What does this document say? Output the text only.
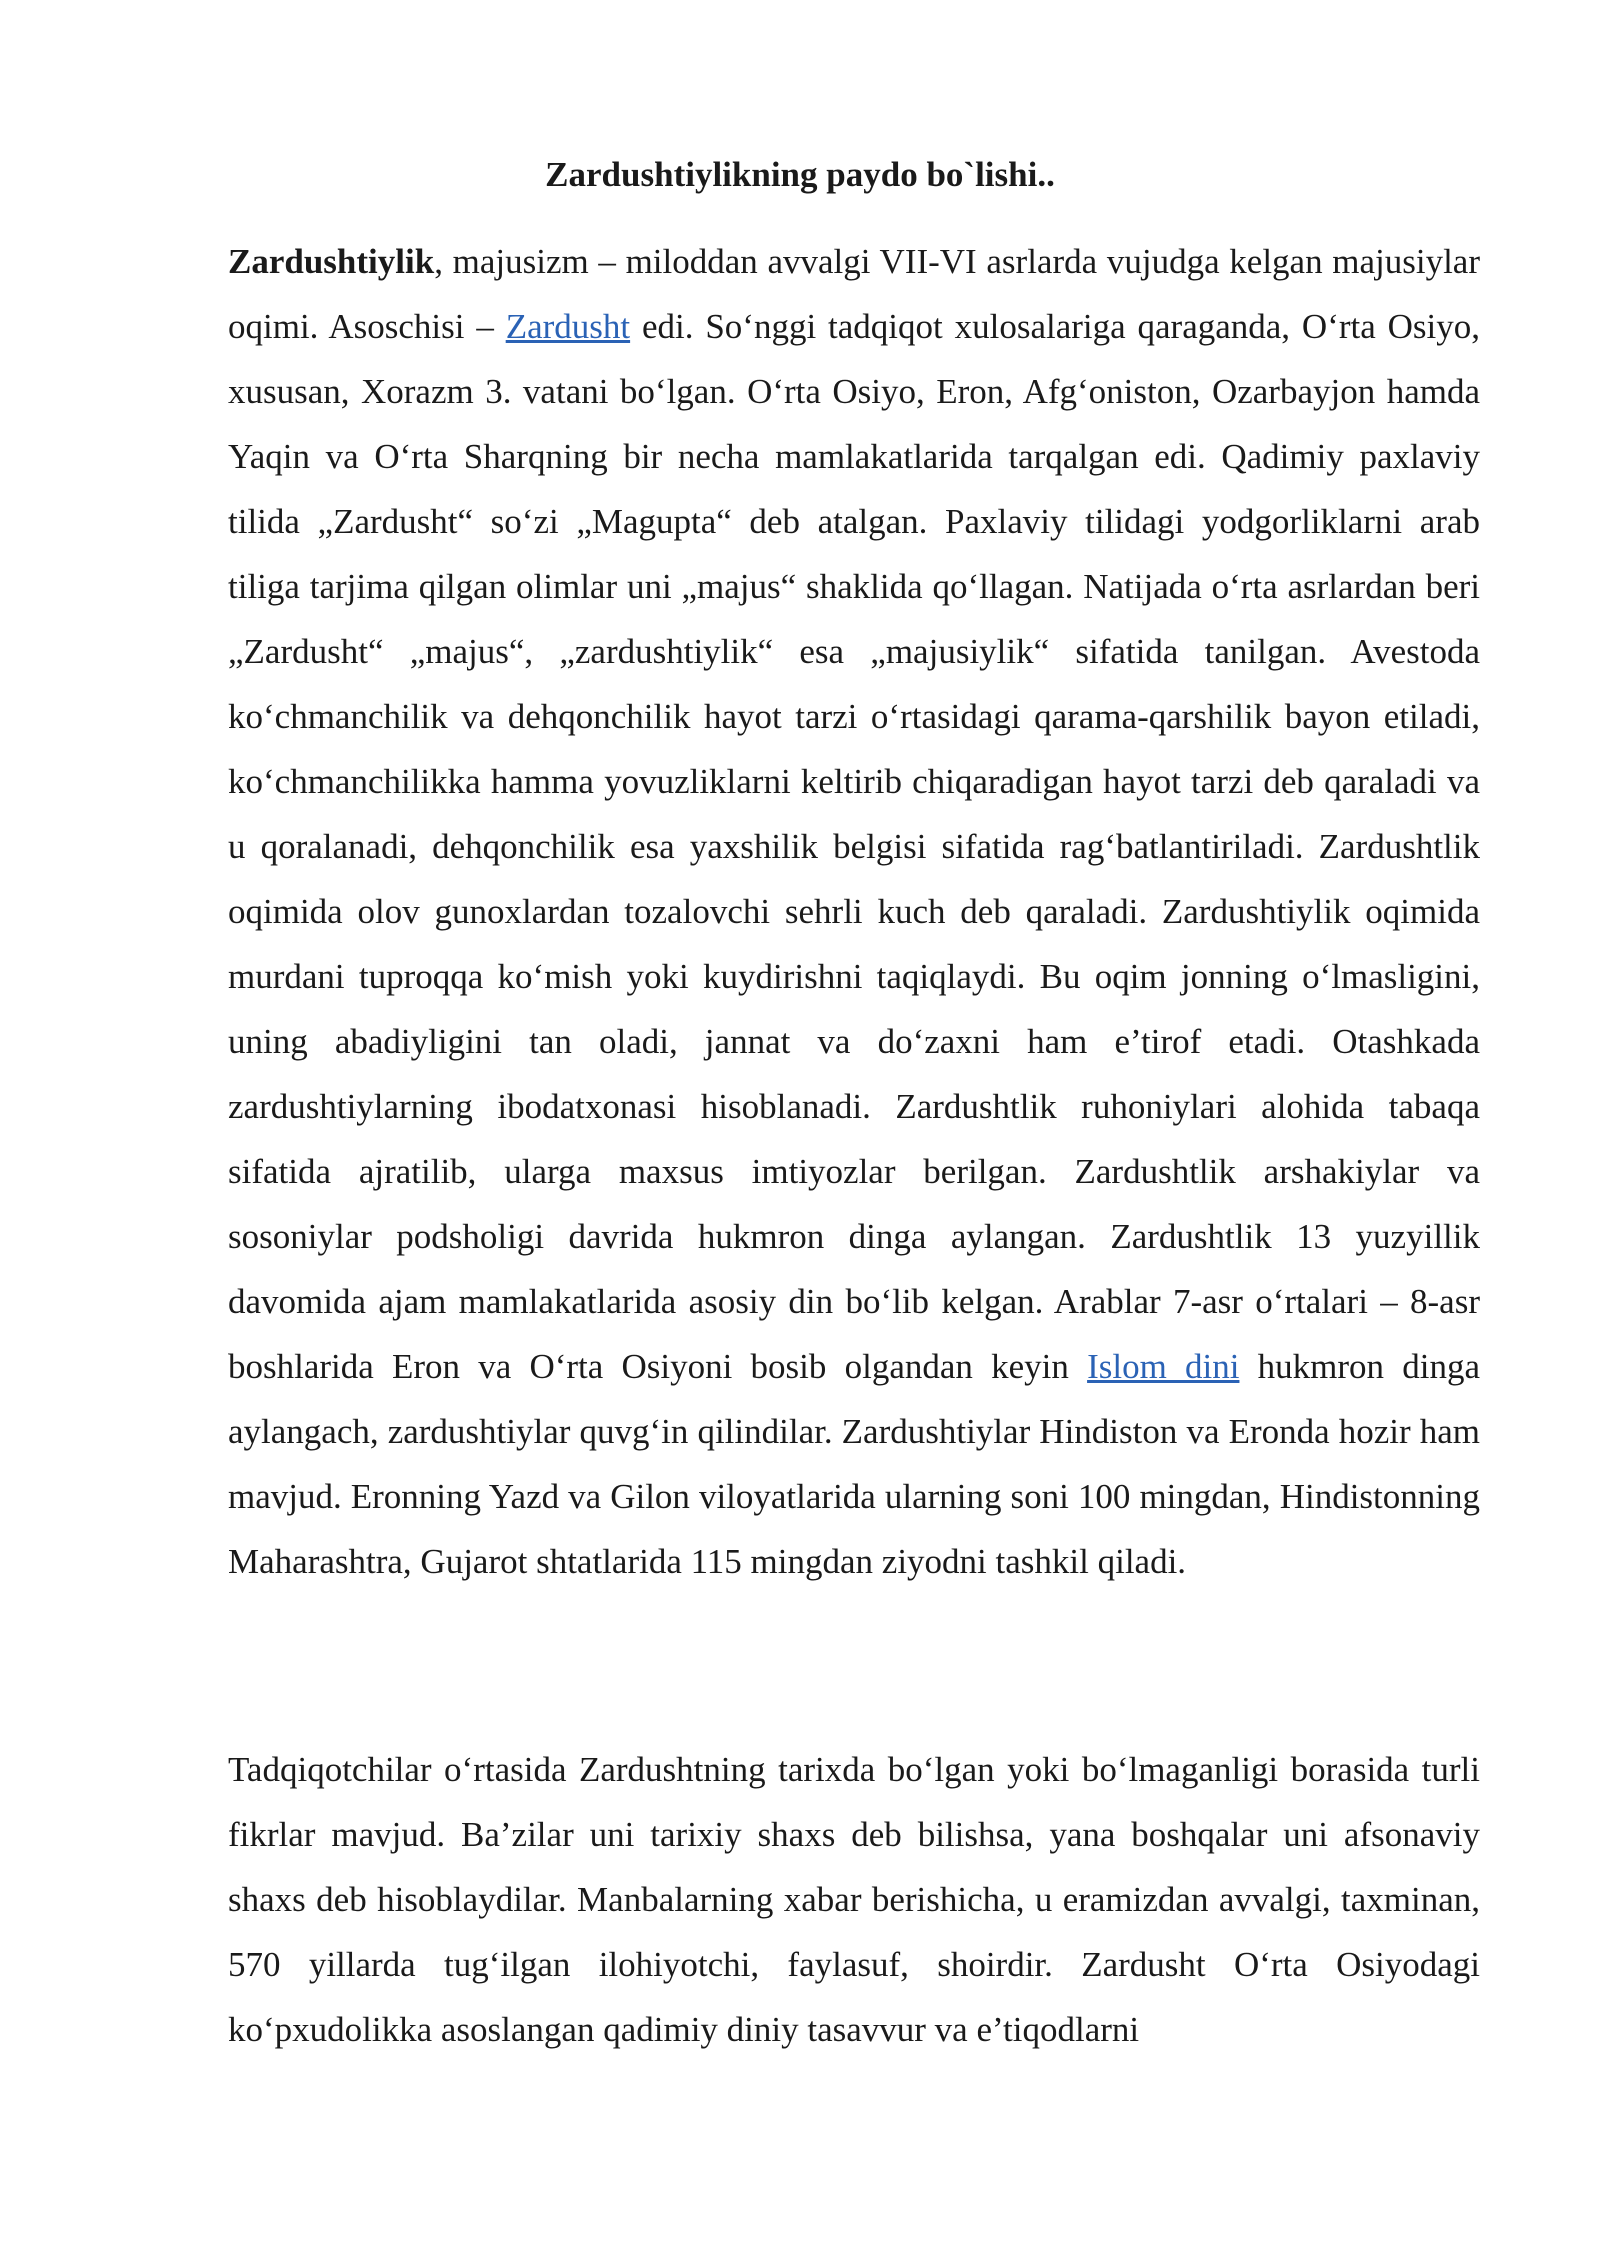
Zardushtiylikning paydo bo`lishi..

Zardushtiylik, majusizm – miloddan avvalgi VII-VI asrlarda vujudga kelgan majusiylar oqimi. Asoschisi – Zardusht edi. So‘nggi tadqiqot xulosalariga qaraganda, O‘rta Osiyo, xususan, Xorazm 3. vatani bo‘lgan. O‘rta Osiyo, Eron, Afg‘oniston, Ozarbayjon hamda Yaqin va O‘rta Sharqning bir necha mamlakatlarida tarqalgan edi. Qadimiy paxlaviy tilida „Zardusht“ so‘zi „Magupta“ deb atalgan. Paxlaviy tilidagi yodgorliklarni arab tiliga tarjima qilgan olimlar uni „majus“ shaklida qo‘llagan. Natijada o‘rta asrlardan beri „Zardusht“ „majus“, „zardushtiylik“ esa „majusiylik“ sifatida tanilgan. Avestoda ko‘chmanchilik va dehqonchilik hayot tarzi o‘rtasidagi qarama-qarshilik bayon etiladi, ko‘chmanchilikka hamma yovuzliklarni keltirib chiqaradigan hayot tarzi deb qaraladi va u qoralanadi, dehqonchilik esa yaxshilik belgisi sifatida rag‘batlantiriladi. Zardushtlik oqimida olov gunoxlardan tozalovchi sehrli kuch deb qaraladi. Zardushtiylik oqimida murdani tuproqqa ko‘mish yoki kuydirishni taqiqlaydi. Bu oqim jonning o‘lmasligini, uning abadiyligini tan oladi, jannat va do‘zaxni ham e’tirof etadi. Otashkada zardushtiylarning ibodatxonasi hisoblanadi. Zardushtlik ruhoniylari alohida tabaqa sifatida ajratilib, ularga maxsus imtiyozlar berilgan. Zardushtlik arshakiylar va sosoniylar podsholigi davrida hukmron dinga aylangan. Zardushtlik 13 yuzyillik davomida ajam mamlakatlarida asosiy din bo‘lib kelgan. Arablar 7-asr o‘rtalari – 8-asr boshlarida Eron va O‘rta Osiyoni bosib olgandan keyin Islom dini hukmron dinga aylangach, zardushtiylar quvg‘in qilindilar. Zardushtiylar Hindiston va Eronda hozir ham mavjud. Eronning Yazd va Gilon viloyatlarida ularning soni 100 mingdan, Hindistonning Maharashtra, Gujarot shtatlarida 115 mingdan ziyodni tashkil qiladi.

Tadqiqotchilar o‘rtasida Zardushtning tarixda bo‘lgan yoki bo‘lmaganligi borasida turli fikrlar mavjud. Ba’zilar uni tarixiy shaxs deb bilishsa, yana boshqalar uni afsonaviy shaxs deb hisoblaydilar. Manbalarning xabar berishicha, u eramizdan avvalgi, taxminan, 570 yillarda tug‘ilgan ilohiyotchi, faylasuf, shoirdir. Zardusht O‘rta Osiyodagi ko‘pxudolikka asoslangan qadimiy diniy tasavvur va e’tiqodlarni
